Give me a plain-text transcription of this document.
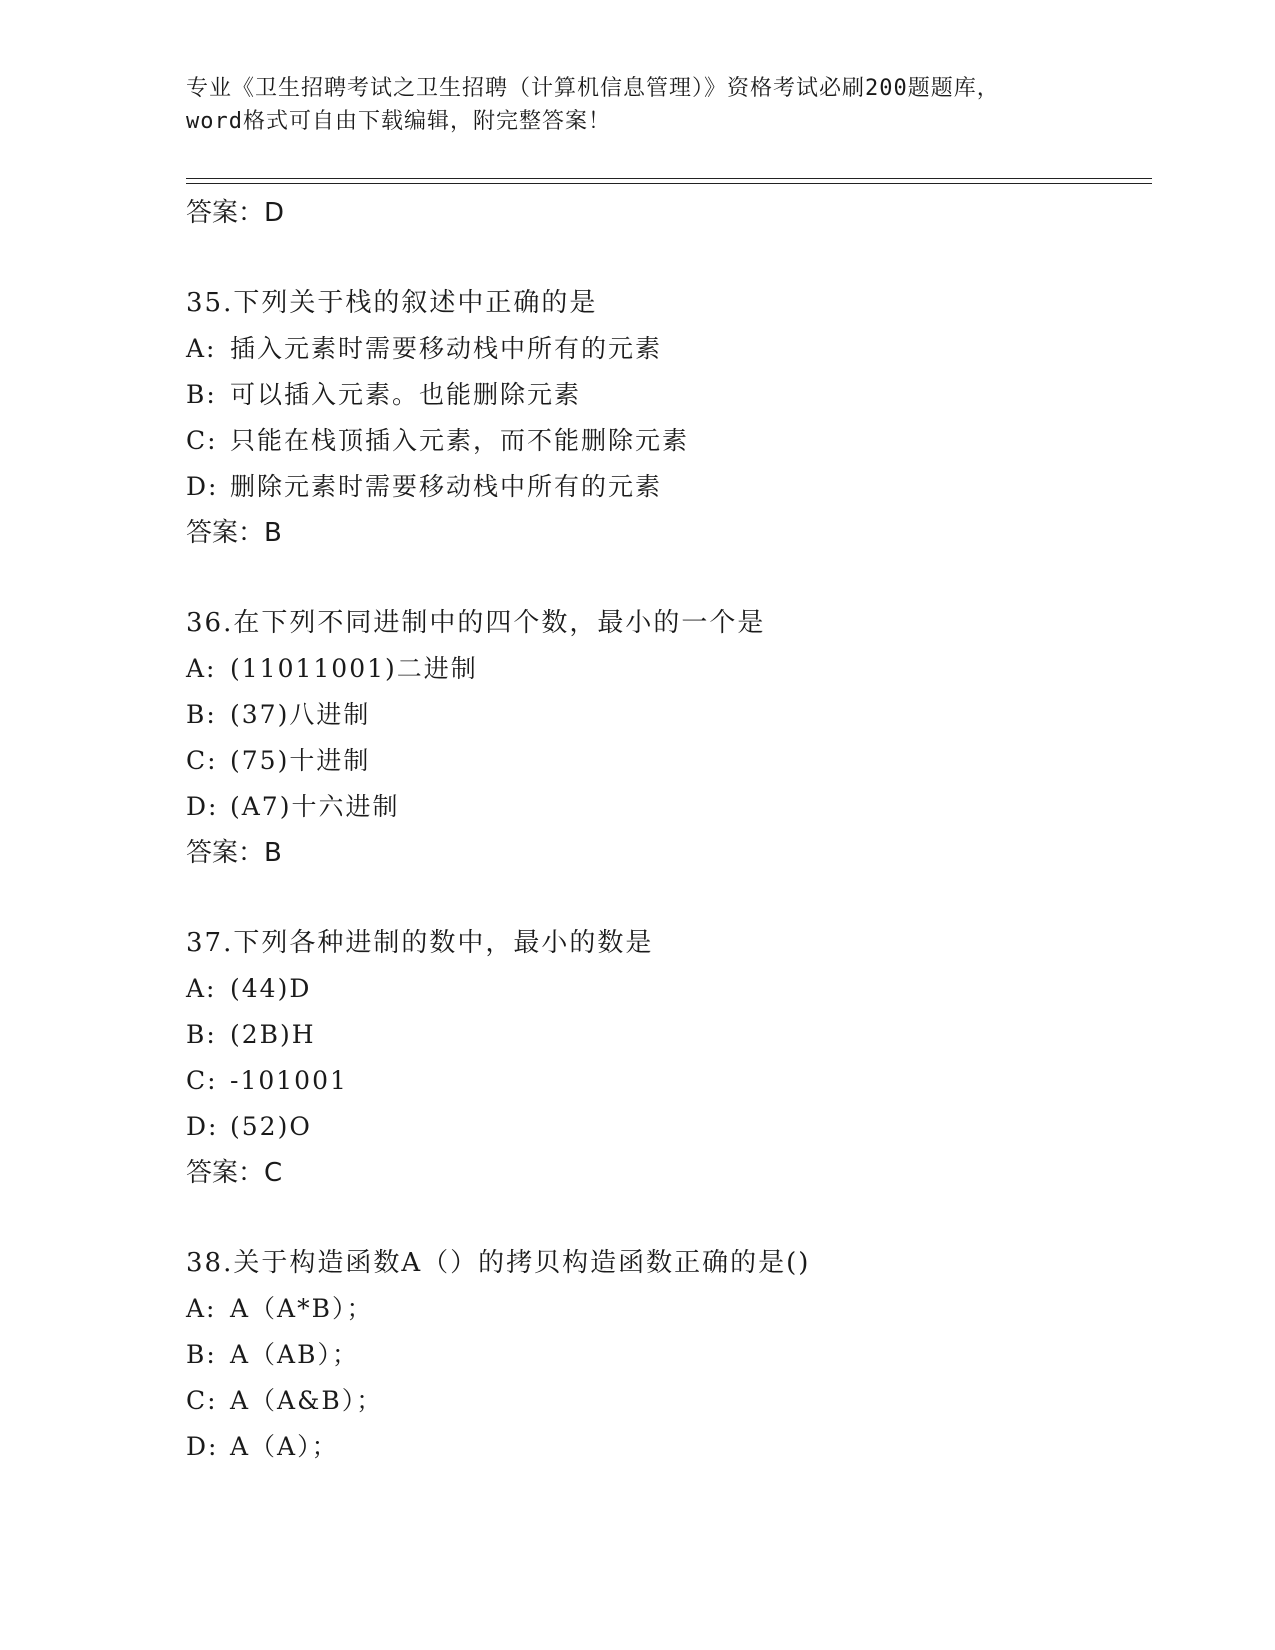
专业《卫生招聘考试之卫生招聘（计算机信息管理）》资格考试必刷200题题库，
word格式可自由下载编辑，附完整答案！
答案：D
35.下列关于栈的叙述中正确的是
A: 插入元素时需要移动栈中所有的元素
B: 可以插入元素。也能删除元素
C: 只能在栈顶插入元素，而不能删除元素
D: 删除元素时需要移动栈中所有的元素
答案：B
36.在下列不同进制中的四个数，最小的一个是
A: (11011001)二进制
B: (37)八进制
C: (75)十进制
D: (A7)十六进制
答案：B
37.下列各种进制的数中，最小的数是
A: (44)D
B: (2B)H
C: -101001
D: (52)O
答案：C
38.关于构造函数A（）的拷贝构造函数正确的是()
A: A（A*B）；
B: A（AB）；
C: A（A&B）；
D: A（A）；
